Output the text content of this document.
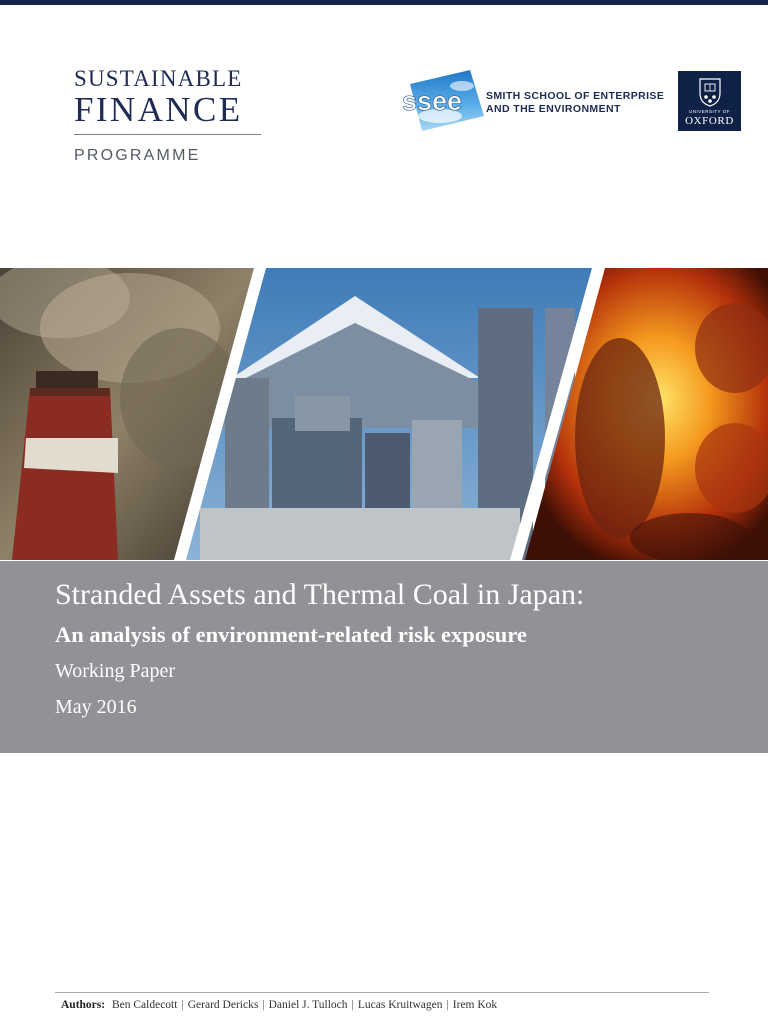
SUSTAINABLE
FINANCE
PROGRAMME
ssee SMITH SCHOOL OF ENTERPRISE
AND THE ENVIRONMENT	UNIVERSITY OF
OXFORD
Stranded Assets and Thermal Coal in Japan:
An analysis of environment-related risk exposure
Working Paper
May 2016
Authors: Ben Caldecott | Gerard Dericks | Daniel J. Tulloch | Lucas Kruitwagen | Irem Kok
